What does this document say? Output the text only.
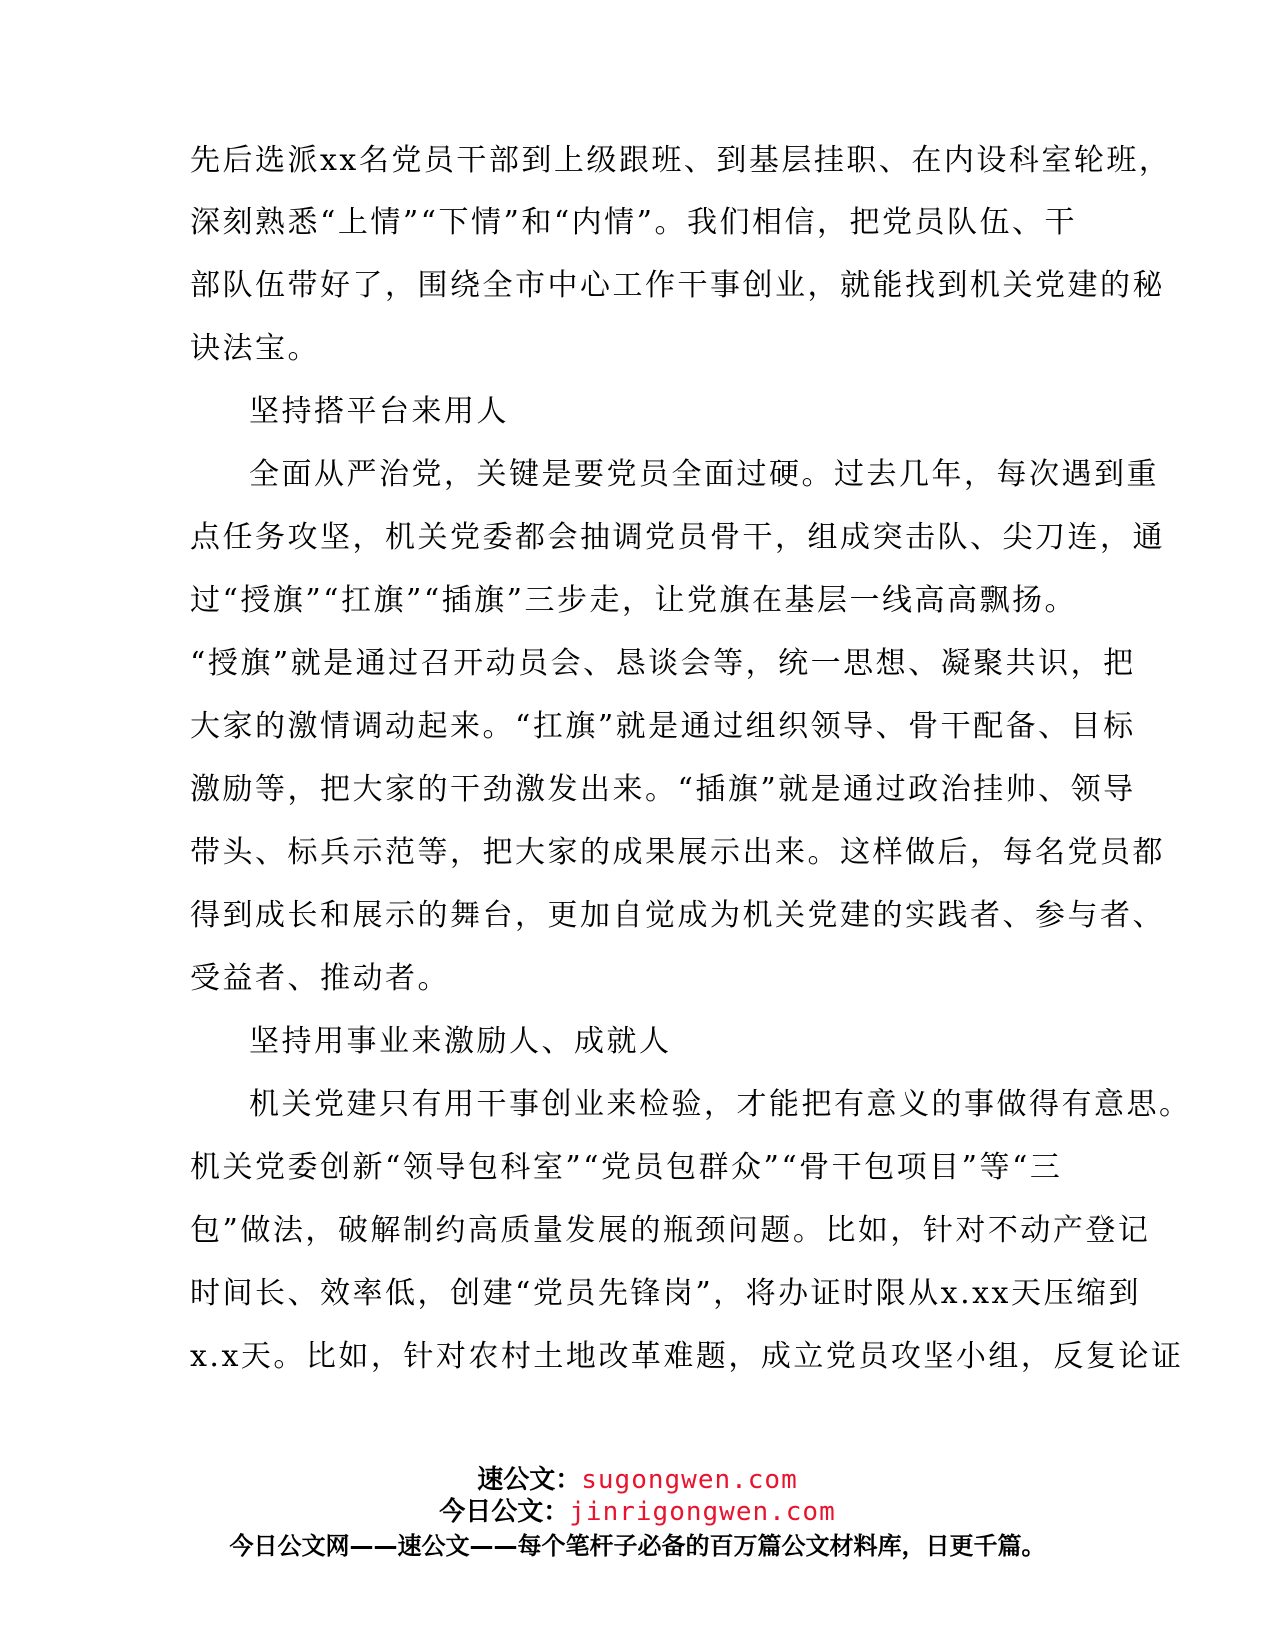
先后选派xx名党员干部到上级跟班、到基层挂职、在内设科室轮班，
深刻熟悉“上情”“下情”和“内情”。我们相信，把党员队伍、干
部队伍带好了，围绕全市中心工作干事创业，就能找到机关党建的秘
诀法宝。
坚持搭平台来用人
全面从严治党，关键是要党员全面过硬。过去几年，每次遇到重
点任务攻坚，机关党委都会抽调党员骨干，组成突击队、尖刀连，通
过“授旗”“扛旗”“插旗”三步走，让党旗在基层一线高高飘扬。
“授旗”就是通过召开动员会、恳谈会等，统一思想、凝聚共识，把
大家的激情调动起来。“扛旗”就是通过组织领导、骨干配备、目标
激励等，把大家的干劲激发出来。“插旗”就是通过政治挂帅、领导
带头、标兵示范等，把大家的成果展示出来。这样做后，每名党员都
得到成长和展示的舞台，更加自觉成为机关党建的实践者、参与者、
受益者、推动者。
坚持用事业来激励人、成就人
机关党建只有用干事创业来检验，才能把有意义的事做得有意思。
机关党委创新“领导包科室”“党员包群众”“骨干包项目”等“三
包”做法，破解制约高质量发展的瓶颈问题。比如，针对不动产登记
时间长、效率低，创建“党员先锋岗”，将办证时限从x.xx天压缩到
x.x天。比如，针对农村土地改革难题，成立党员攻坚小组，反复论证
速公文：sugongwen.com
今日公文：jinrigongwen.com
今日公文网——速公文——每个笔杆子必备的百万篇公文材料库，日更千篇。
